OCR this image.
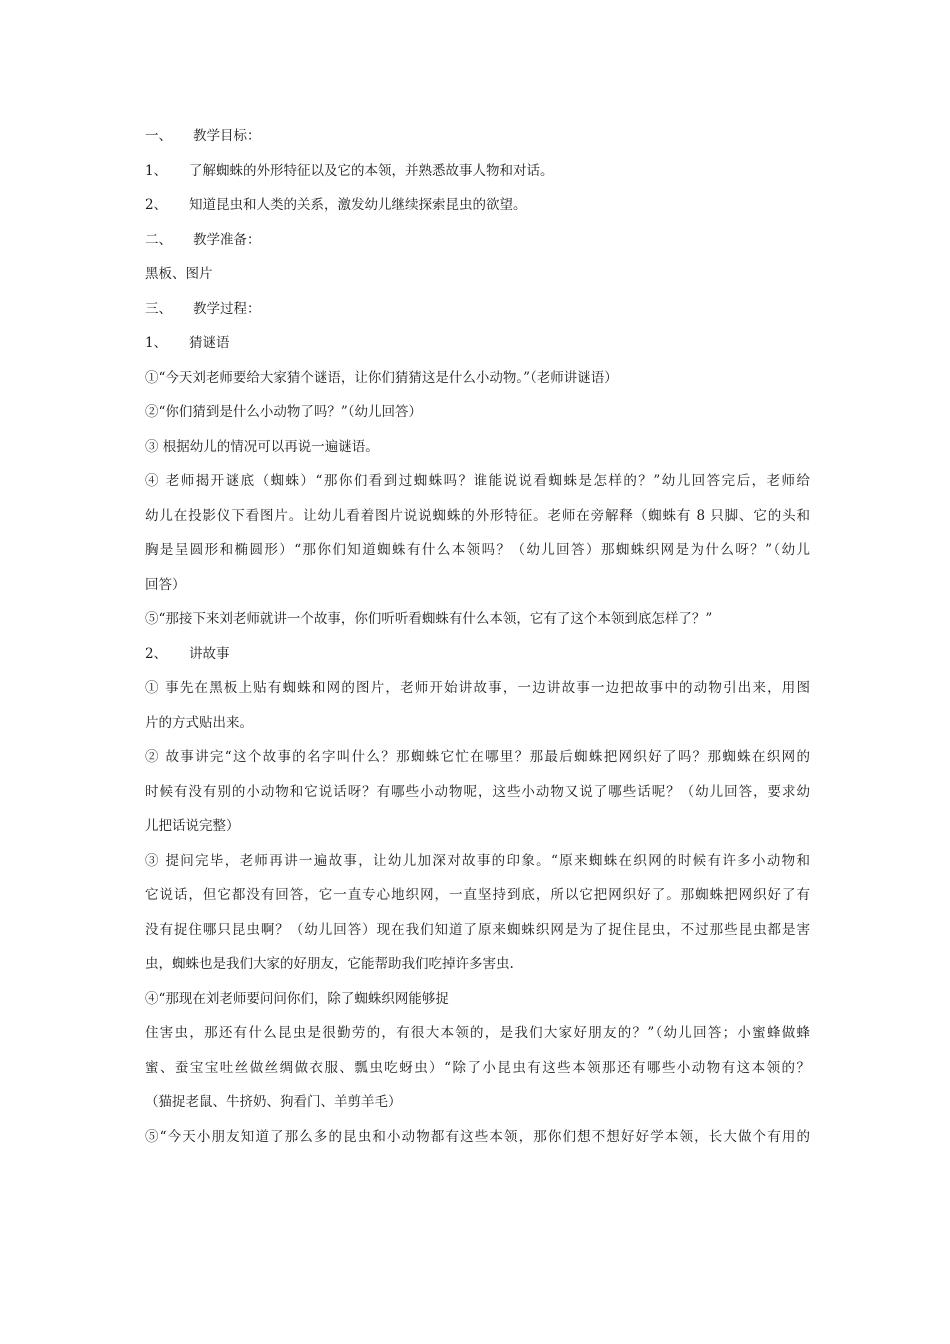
一、 教学目标：
1、 了解蜘蛛的外形特征以及它的本领，并熟悉故事人物和对话。
2、 知道昆虫和人类的关系，激发幼儿继续探索昆虫的欲望。
二、 教学准备：
黑板、图片
三、 教学过程：
1、 猜谜语
①“今天刘老师要给大家猜个谜语，让你们猜猜这是什么小动物。”（老师讲谜语）
②“你们猜到是什么小动物了吗？”（幼儿回答）
③ 根据幼儿的情况可以再说一遍谜语。
④ 老师揭开谜底（蜘蛛）“那你们看到过蜘蛛吗？谁能说说看蜘蛛是怎样的？”幼儿回答完后，老师给
幼儿在投影仪下看图片。让幼儿看着图片说说蜘蛛的外形特征。老师在旁解释（蜘蛛有 8 只脚、它的头和
胸是呈圆形和椭圆形）“那你们知道蜘蛛有什么本领吗？（幼儿回答）那蜘蛛织网是为什么呀？”（幼儿
回答）
⑤“那接下来刘老师就讲一个故事，你们听听看蜘蛛有什么本领，它有了这个本领到底怎样了？”
2、 讲故事
① 事先在黑板上贴有蜘蛛和网的图片，老师开始讲故事，一边讲故事一边把故事中的动物引出来，用图
片的方式贴出来。
② 故事讲完“这个故事的名字叫什么？那蜘蛛它忙在哪里？那最后蜘蛛把网织好了吗？那蜘蛛在织网的
时候有没有别的小动物和它说话呀？有哪些小动物呢，这些小动物又说了哪些话呢？（幼儿回答，要求幼
儿把话说完整）
③ 提问完毕，老师再讲一遍故事，让幼儿加深对故事的印象。“原来蜘蛛在织网的时候有许多小动物和
它说话，但它都没有回答，它一直专心地织网，一直坚持到底，所以它把网织好了。那蜘蛛把网织好了有
没有捉住哪只昆虫啊？（幼儿回答）现在我们知道了原来蜘蛛织网是为了捉住昆虫，不过那些昆虫都是害
虫，蜘蛛也是我们大家的好朋友，它能帮助我们吃掉许多害虫.
④“那现在刘老师要问问你们，除了蜘蛛织网能够捉
住害虫，那还有什么昆虫是很勤劳的，有很大本领的，是我们大家好朋友的？”（幼儿回答；小蜜蜂做蜂
蜜、蚕宝宝吐丝做丝绸做衣服、瓢虫吃蚜虫）“除了小昆虫有这些本领那还有哪些小动物有这本领的？
（猫捉老鼠、牛挤奶、狗看门、羊剪羊毛）
⑤“今天小朋友知道了那么多的昆虫和小动物都有这些本领，那你们想不想好好学本领，长大做个有用的
